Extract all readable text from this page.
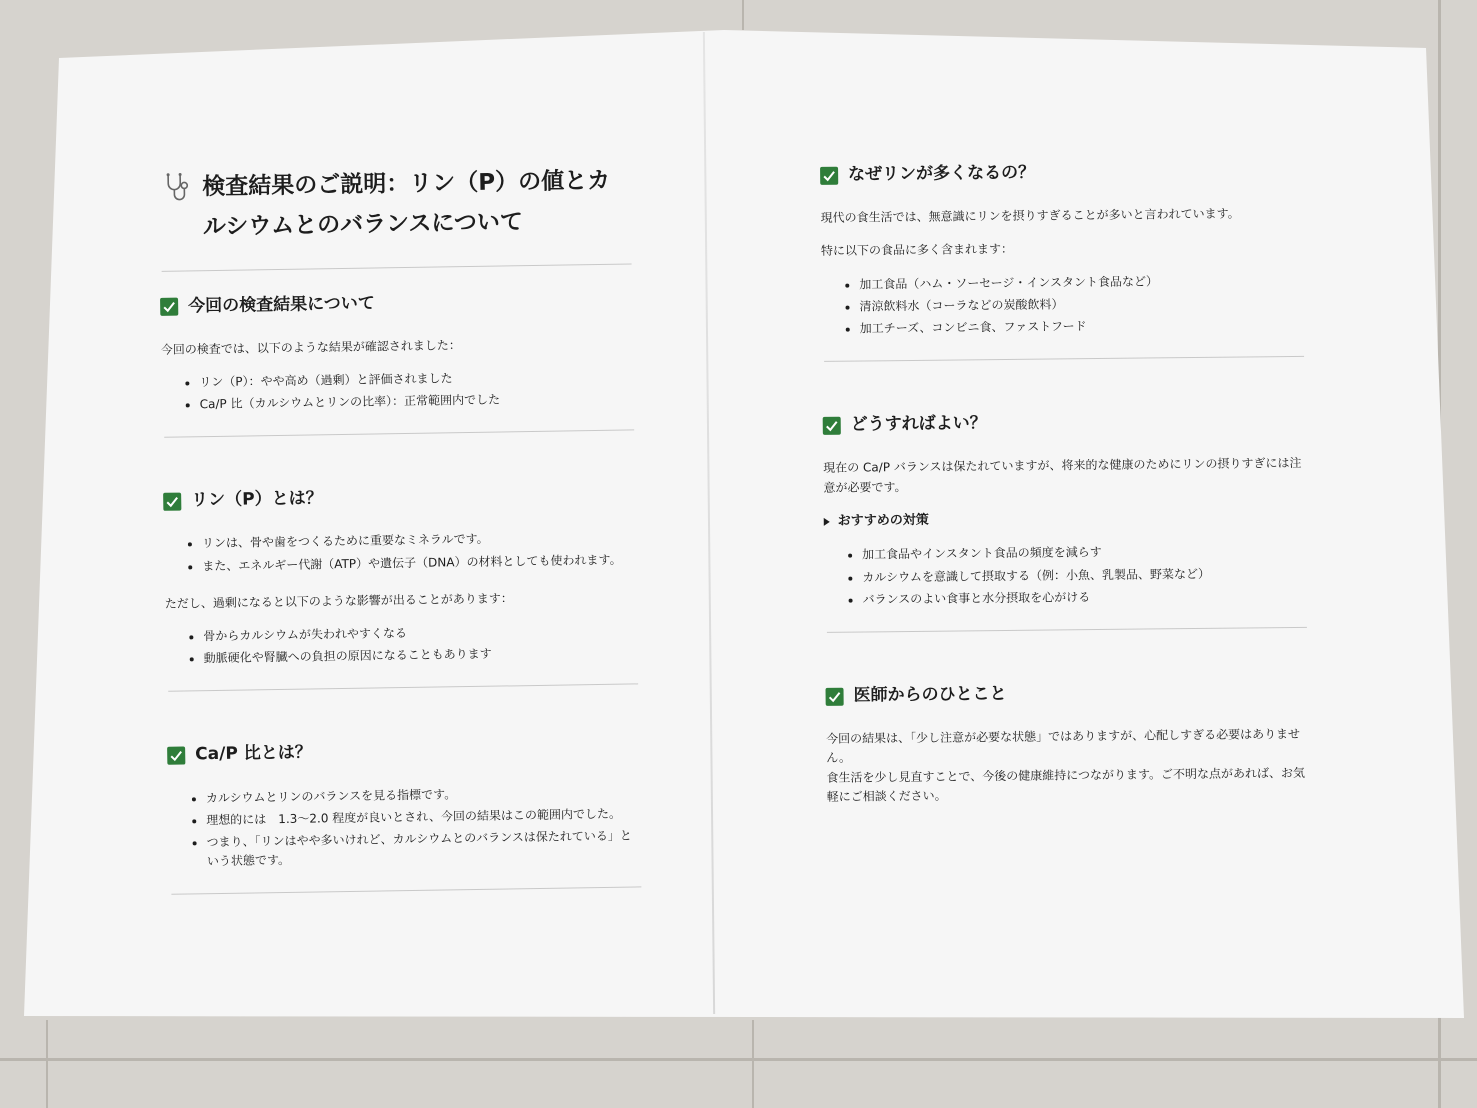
検査結果のご説明：リン（P）の値とカルシウムとのバランスについて
今回の検査結果について
今回の検査では、以下のような結果が確認されました：
• リン（P）：やや高め（過剰）と評価されました
• Ca/P 比（カルシウムとリンの比率）：正常範囲内でした
リン（P）とは？
• リンは、骨や歯をつくるために重要なミネラルです。
• また、エネルギー代謝（ATP）や遺伝子（DNA）の材料としても使われます。
ただし、過剰になると以下のような影響が出ることがあります：
• 骨からカルシウムが失われやすくなる
• 動脈硬化や腎臓への負担の原因になることもあります
Ca/P 比とは？
• カルシウムとリンのバランスを見る指標です。
• 理想的には　1.3〜2.0 程度が良いとされ、今回の結果はこの範囲内でした。
• つまり、「リンはやや多いけれど、カルシウムとのバランスは保たれている」という状態です。
なぜリンが多くなるの？
現代の食生活では、無意識にリンを摂りすぎることが多いと言われています。
特に以下の食品に多く含まれます：
• 加工食品（ハム・ソーセージ・インスタント食品など）
• 清涼飲料水（コーラなどの炭酸飲料）
• 加工チーズ、コンビニ食、ファストフード
どうすればよい？
現在の Ca/P バランスは保たれていますが、将来的な健康のためにリンの摂りすぎには注意が必要です。
おすすめの対策
• 加工食品やインスタント食品の頻度を減らす
• カルシウムを意識して摂取する（例：小魚、乳製品、野菜など）
• バランスのよい食事と水分摂取を心がける
医師からのひとこと
今回の結果は、「少し注意が必要な状態」ではありますが、心配しすぎる必要はありません。
食生活を少し見直すことで、今後の健康維持につながります。ご不明な点があれば、お気軽にご相談ください。
